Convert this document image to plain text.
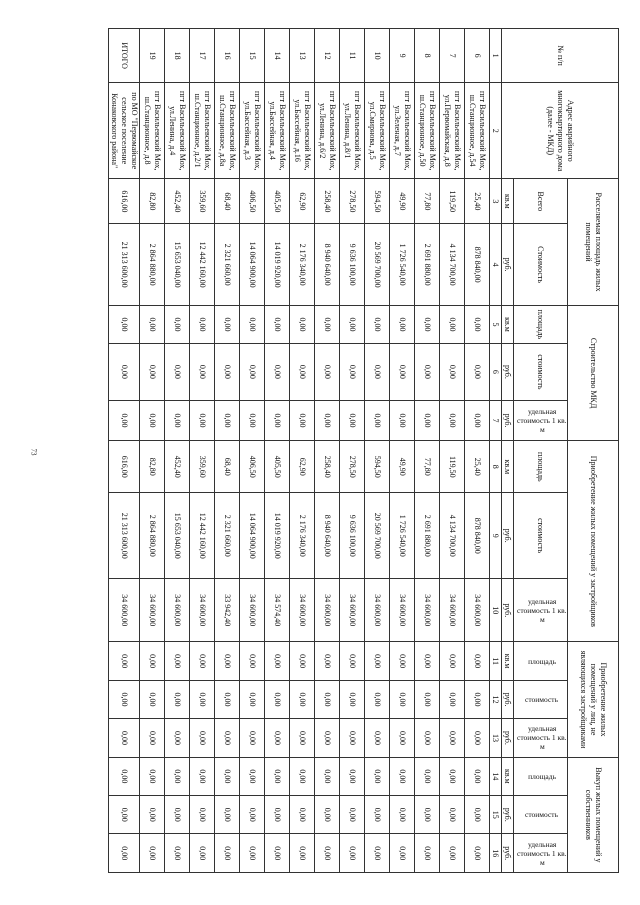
73
№ п/п	Адрес аварийного многоквартирного дома (далее - МКД)	Расселяемая площадь жилых помещений		Строительство МКД			Приобретение жилых помещений у застройщиков			Приобретение жилых помещений у лиц, не являющихся застройщиками			Выкуп жилых помещений у собственников		
		Всего	Стоимость	площадь	стоимость	удельная стоимость 1 кв. м	площадь	стоимость	удельная стоимость 1 кв. м	площадь	стоимость	удельная стоимость 1 кв. м	площадь	стоимость	удельная стоимость 1 кв. м
		кв.м	руб.	кв.м	руб.	руб.	кв.м	руб.	руб.	кв.м	руб.	руб.	кв.м	руб.	руб.
1	2	3	4	5	6	7	8	9	10	11	12	13	14	15	16
6	пгт Васильевский Мох, ш.Станционное, д.54	25,40	878 840,00	0,00	0,00	0,00	25,40	878 840,00	34 600,00	0,00	0,00	0,00	0,00	0,00	0,00
7	пгт Васильевский Мох, ул.Первомайская, д.8	119,50	4 134 700,00	0,00	0,00	0,00	119,50	4 134 700,00	34 600,00	0,00	0,00	0,00	0,00	0,00	0,00
8	пгт Васильевский Мох, ш.Станционное, д.50	77,80	2 691 880,00	0,00	0,00	0,00	77,80	2 691 880,00	34 600,00	0,00	0,00	0,00	0,00	0,00	0,00
9	пгт Васильевский Мох, ул.Зеленая, д.7	49,90	1 726 540,00	0,00	0,00	0,00	49,90	1 726 540,00	34 600,00	0,00	0,00	0,00	0,00	0,00	0,00
10	пгт Васильевский Мох, ул.Смирнова, д.5	594,50	20 569 700,00	0,00	0,00	0,00	594,50	20 569 700,00	34 600,00	0,00	0,00	0,00	0,00	0,00	0,00
11	пгт Васильевский Мох, ул.Ленина, д.8/1	278,50	9 636 100,00	0,00	0,00	0,00	278,50	9 636 100,00	34 600,00	0,00	0,00	0,00	0,00	0,00	0,00
12	пгт Васильевский Мох, ул.Ленина, д.6/2	258,40	8 940 640,00	0,00	0,00	0,00	258,40	8 940 640,00	34 600,00	0,00	0,00	0,00	0,00	0,00	0,00
13	пгт Васильевский Мох, ул.Бассейная, д.16	62,90	2 176 340,00	0,00	0,00	0,00	62,90	2 176 340,00	34 600,00	0,00	0,00	0,00	0,00	0,00	0,00
14	пгт Васильевский Мох, ул.Бассейная, д.4	405,50	14 019 920,00	0,00	0,00	0,00	405,50	14 019 920,00	34 574,40	0,00	0,00	0,00	0,00	0,00	0,00
15	пгт Васильевский Мох, ул.Бассейная, д.3	406,50	14 064 900,00	0,00	0,00	0,00	406,50	14 064 900,00	34 600,00	0,00	0,00	0,00	0,00	0,00	0,00
16	пгт Васильевский Мох, ш.Станционное, д.8а	68,40	2 321 660,00	0,00	0,00	0,00	68,40	2 321 660,00	33 942,40	0,00	0,00	0,00	0,00	0,00	0,00
17	пгт Васильевский Мох, ш.Станционное, д.2/1	359,60	12 442 160,00	0,00	0,00	0,00	359,60	12 442 160,00	34 600,00	0,00	0,00	0,00	0,00	0,00	0,00
18	пгт Васильевский Мох, ул.Ленина, д.4	452,40	15 653 040,00	0,00	0,00	0,00	452,40	15 653 040,00	34 600,00	0,00	0,00	0,00	0,00	0,00	0,00
19	пгт Васильевский Мох, ш.Станционное, д.8	82,80	2 864 880,00	0,00	0,00	0,00	82,80	2 864 880,00	34 600,00	0,00	0,00	0,00	0,00	0,00	0,00
ИТОГО	по МО "Первомайское сельское поселение Конаковского района"	616,00	21 313 600,00	0,00	0,00	0,00	616,00	21 313 600,00	34 600,00	0,00	0,00	0,00	0,00	0,00	0,00
